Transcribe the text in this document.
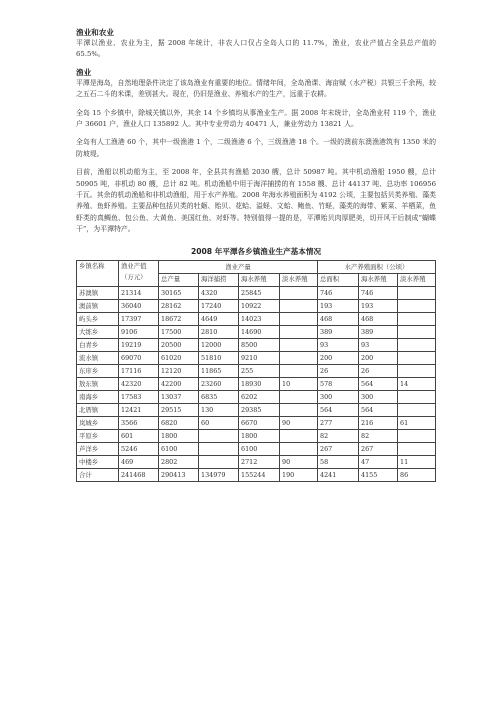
渔业和农业

平潭以渔业、农业为主，据 2008 年统计，非农人口仅占全岛人口的 11.7%，渔业，农业产值占全县总产值的 65.5%。

渔业

平潭是海岛，自然地理条件决定了该岛渔业有重要的地位。情绪年间，全岛渔课、海亩赋（水产税）共银三千余两，较之五石二斗的米课，差别甚大。现在，仍旧是渔业、养殖水产的生产，远重于农耕。

全岛 15 个乡镇中，除城关镇以外，其余 14 个乡镇均从事渔业生产。据 2008 年末统计，全岛渔业村 119 个，渔业户 36601 户，渔业人口 135892 人。其中专业劳动力 40471 人，兼业劳动力 13821 人。

全岛有人工渔港 60 个，其中一级渔港 1 个，二级渔港 6 个，三级渔港 18 个。一级的澳前东澳渔港筑有 1350 米的防坡堤。

目前，渔船以机动船为主，至 2008 年，全县共有渔船 2030 艘，总计 50987 吨。其中机动渔船 1950 艘，总计 50905 吨，非机动 80 艘，总计 82 吨。机动渔船中用于海洋捕捞的有 1558 艘、总计 44137 吨、总功率 106956 千瓦。其余的机动渔船和非机动渔船，用于水产养殖。2008 年海水养殖面积为 4192 公顷，主要包括贝类养殖、藻类养殖、鱼虾养殖。主要品种包括贝类的牡蛎、贻贝、花蛤、溢蛏、文蛤、鲍鱼、竹蛏，藻类的海带、紫菜、羊栖菜，鱼虾类的真鲷鱼、包公鱼、大黄鱼、美国红鱼、对虾等。特别值得一提的是，平潭贻贝肉厚肥美，切开风干后制成“蝴蝶干”，为平潭特产。

2008 年平潭各乡镇渔业生产基本情况
乡镇名称	渔业产值（万元）	渔业产量				水产养殖面积（公顷）		
		总产量	海洋捕捞	海水养殖	淡水养殖	总面积	海水养殖	淡水养殖
苏澳镇	21314	30165	4320	25845		746	746	
澳前镇	36040	28162	17240	10922		193	193	
屿头乡	17397	18672	4649	14023		468	468	
大练乡	9106	17500	2810	14690		389	389	
白青乡	19219	20500	12000	8500		93	93	
流水镇	69070	61020	51810	9210		200	200	
东庠乡	17116	12120	11865	255		26	26	
敖东镇	42320	42200	23260	18930	10	578	564	14
南海乡	17583	13037	6835	6202		300	300	
北厝镇	12421	29515	130	29385		564	564	
岚城乡	3566	6820	60	6670	90	277	216	61
平原乡	601	1800		1800		82	82	
芦洋乡	5246	6100		6100		267	267	
中楼乡	469	2802		2712	90	58	47	11
合计	241468	290413	134979	155244	190	4241	4155	86
